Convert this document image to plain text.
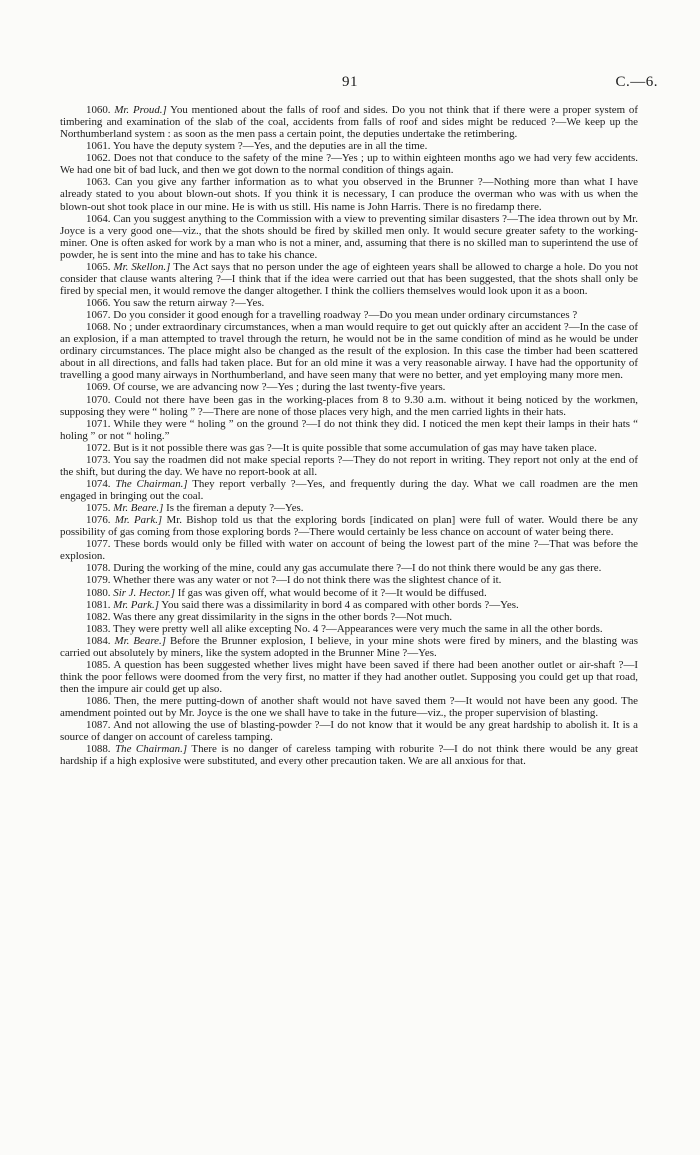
91	C.—6.

1060. Mr. Proud.] You mentioned about the falls of roof and sides. Do you not think that if there were a proper system of timbering and examination of the slab of the coal, accidents from falls of roof and sides might be reduced ?—We keep up the Northumberland system : as soon as the men pass a certain point, the deputies undertake the retimbering.

1061. You have the deputy system ?—Yes, and the deputies are in all the time.

1062. Does not that conduce to the safety of the mine ?—Yes ; up to within eighteen months ago we had very few accidents. We had one bit of bad luck, and then we got down to the normal condition of things again.

1063. Can you give any farther information as to what you observed in the Brunner ?—Nothing more than what I have already stated to you about blown-out shots. If you think it is necessary, I can produce the overman who was with us when the blown-out shot took place in our mine. He is with us still. His name is John Harris. There is no firedamp there.

1064. Can you suggest anything to the Commission with a view to preventing similar disasters ?—The idea thrown out by Mr. Joyce is a very good one—viz., that the shots should be fired by skilled men only. It would secure greater safety to the working-miner. One is often asked for work by a man who is not a miner, and, assuming that there is no skilled man to superintend the use of powder, he is sent into the mine and has to take his chance.

1065. Mr. Skellon.] The Act says that no person under the age of eighteen years shall be allowed to charge a hole. Do you not consider that clause wants altering ?—I think that if the idea were carried out that has been suggested, that the shots shall only be fired by special men, it would remove the danger altogether. I think the colliers themselves would look upon it as a boon.

1066. You saw the return airway ?—Yes.

1067. Do you consider it good enough for a travelling roadway ?—Do you mean under ordinary circumstances ?

1068. No ; under extraordinary circumstances, when a man would require to get out quickly after an accident ?—In the case of an explosion, if a man attempted to travel through the return, he would not be in the same condition of mind as he would be under ordinary circumstances. The place might also be changed as the result of the explosion. In this case the timber had been scattered about in all directions, and falls had taken place. But for an old mine it was a very reasonable airway. I have had the opportunity of travelling a good many airways in Northumberland, and have seen many that were no better, and yet employing many more men.

1069. Of course, we are advancing now ?—Yes ; during the last twenty-five years.

1070. Could not there have been gas in the working-places from 8 to 9.30 a.m. without it being noticed by the workmen, supposing they were “ holing ” ?—There are none of those places very high, and the men carried lights in their hats.

1071. While they were “ holing ” on the ground ?—I do not think they did. I noticed the men kept their lamps in their hats “ holing ” or not “ holing.”

1072. But is it not possible there was gas ?—It is quite possible that some accumulation of gas may have taken place.

1073. You say the roadmen did not make special reports ?—They do not report in writing. They report not only at the end of the shift, but during the day. We have no report-book at all.

1074. The Chairman.] They report verbally ?—Yes, and frequently during the day. What we call roadmen are the men engaged in bringing out the coal.

1075. Mr. Beare.] Is the fireman a deputy ?—Yes.

1076. Mr. Park.] Mr. Bishop told us that the exploring bords [indicated on plan] were full of water. Would there be any possibility of gas coming from those exploring bords ?—There would certainly be less chance on account of water being there.

1077. These bords would only be filled with water on account of being the lowest part of the mine ?—That was before the explosion.

1078. During the working of the mine, could any gas accumulate there ?—I do not think there would be any gas there.

1079. Whether there was any water or not ?—I do not think there was the slightest chance of it.

1080. Sir J. Hector.] If gas was given off, what would become of it ?—It would be diffused.

1081. Mr. Park.] You said there was a dissimilarity in bord 4 as compared with other bords ?—Yes.

1082. Was there any great dissimilarity in the signs in the other bords ?—Not much.

1083. They were pretty well all alike excepting No. 4 ?—Appearances were very much the same in all the other bords.

1084. Mr. Beare.] Before the Brunner explosion, I believe, in your mine shots were fired by miners, and the blasting was carried out absolutely by miners, like the system adopted in the Brunner Mine ?—Yes.

1085. A question has been suggested whether lives might have been saved if there had been another outlet or air-shaft ?—I think the poor fellows were doomed from the very first, no matter if they had another outlet. Supposing you could get up that road, then the impure air could get up also.

1086. Then, the mere putting-down of another shaft would not have saved them ?—It would not have been any good. The amendment pointed out by Mr. Joyce is the one we shall have to take in the future—viz., the proper supervision of blasting.

1087. And not allowing the use of blasting-powder ?—I do not know that it would be any great hardship to abolish it. It is a source of danger on account of careless tamping.

1088. The Chairman.] There is no danger of careless tamping with roburite ?—I do not think there would be any great hardship if a high explosive were substituted, and every other precaution taken. We are all anxious for that.
